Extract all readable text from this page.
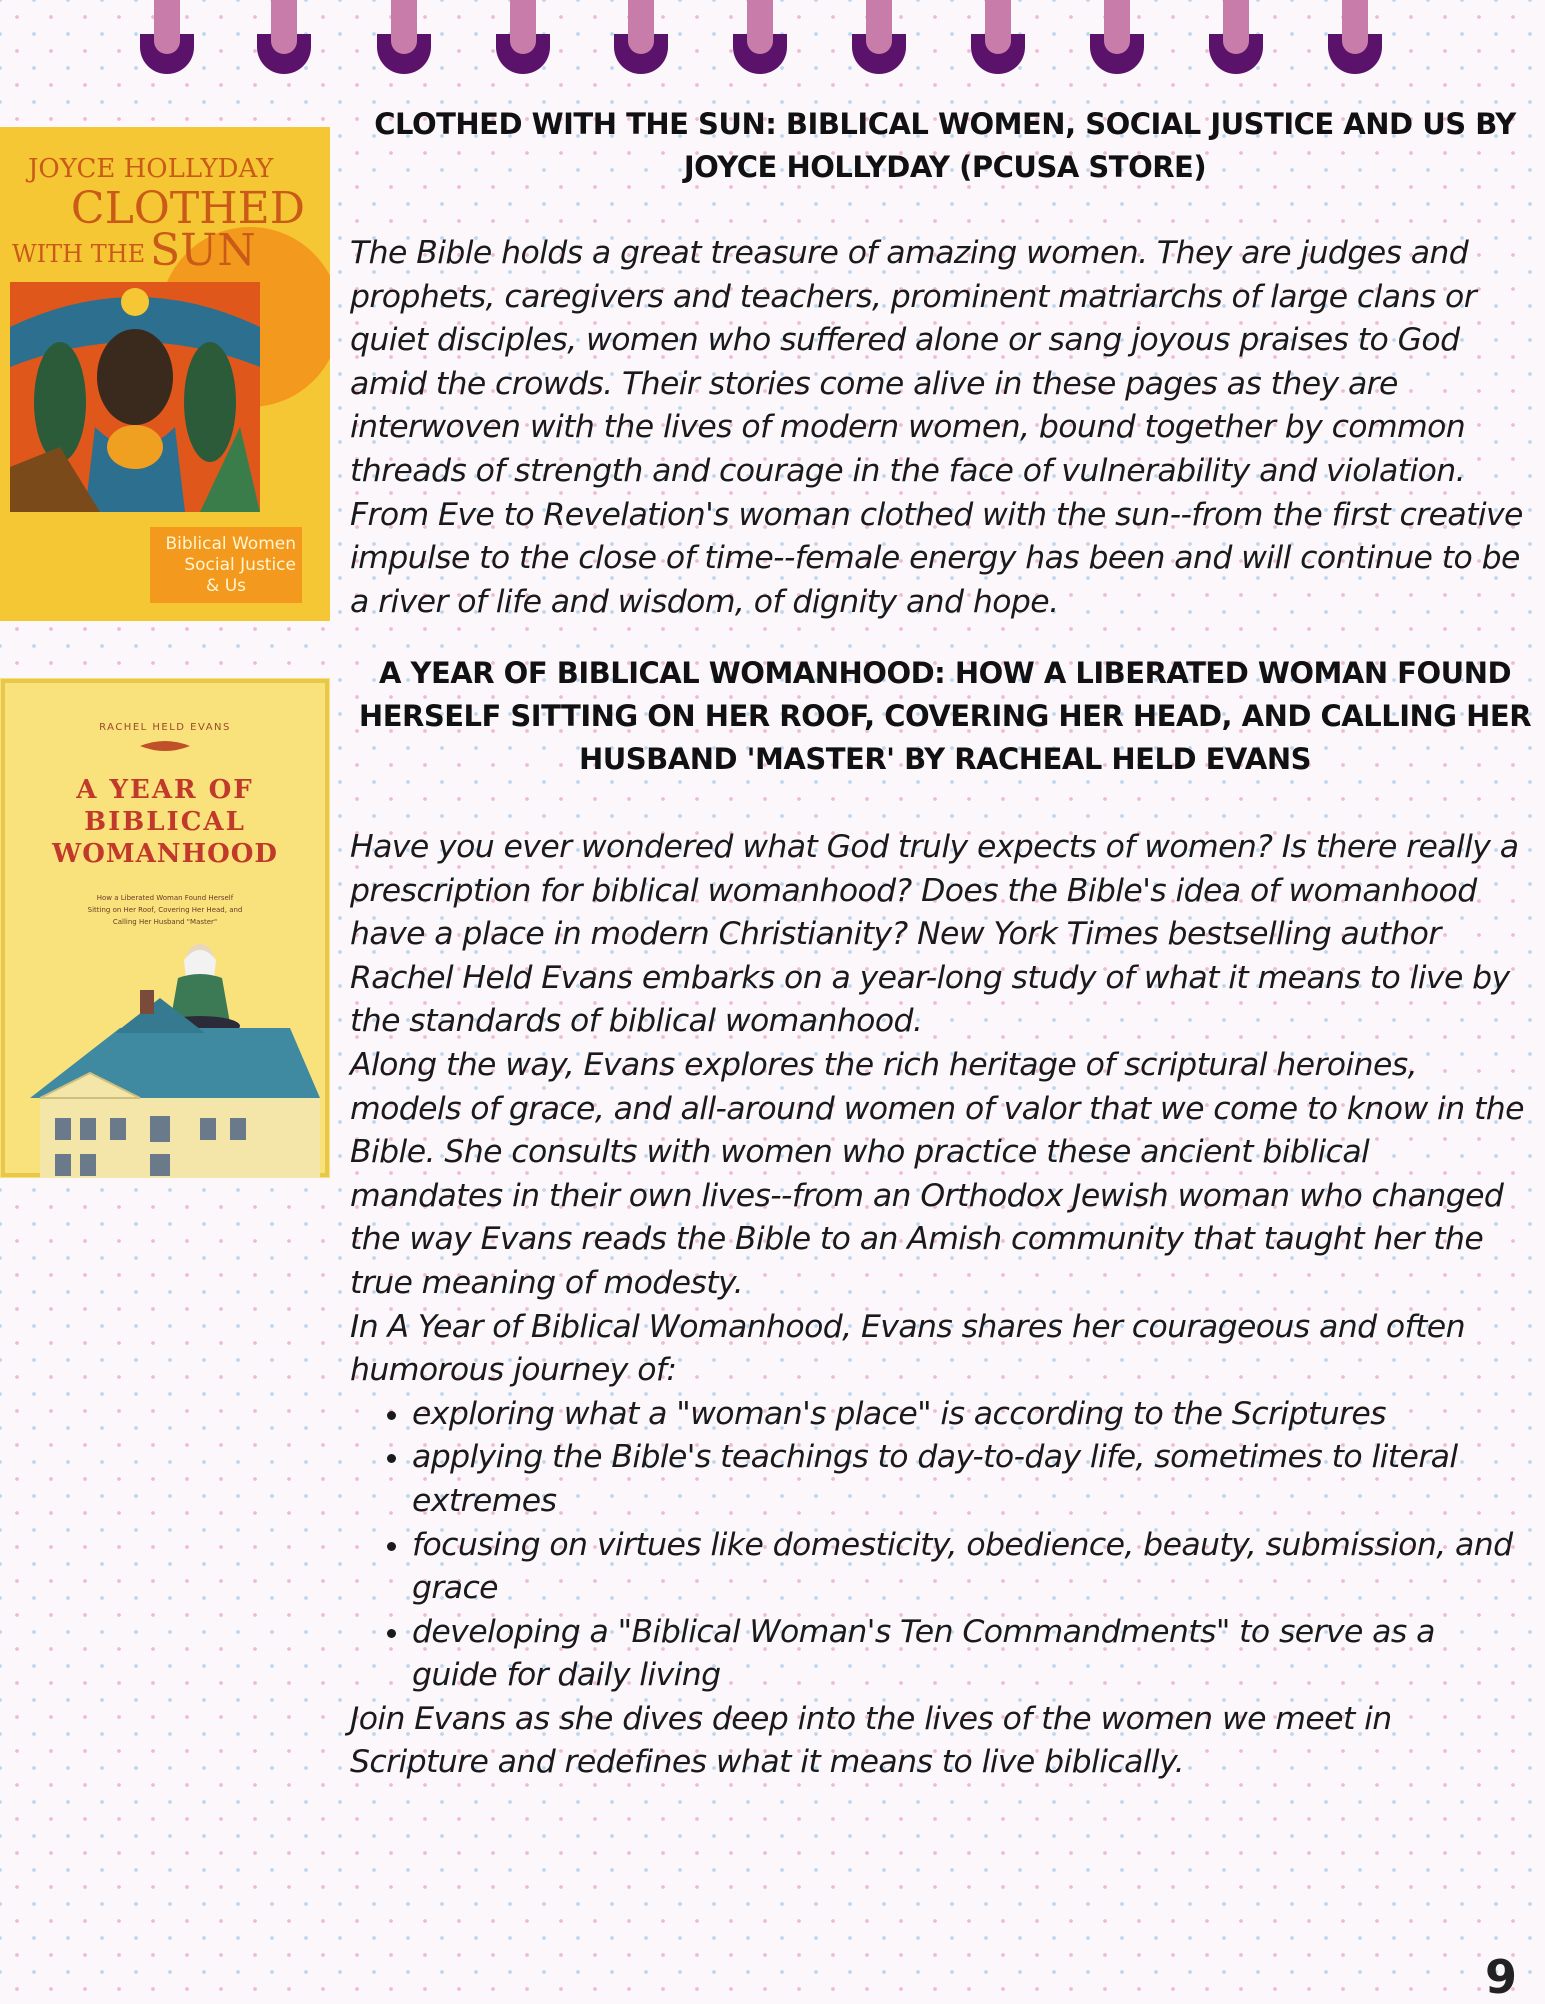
JOYCE HOLLYDAY
CLOTHED
WITH THE SUN
Biblical Women
Social Justice
& Us
RACHEL HELD EVANS
A YEAR OF
BIBLICAL
WOMANHOOD
How a Liberated Woman Found Herself
Sitting on Her Roof, Covering Her Head, and
Calling Her Husband "Master"
CLOTHED WITH THE SUN: BIBLICAL WOMEN, SOCIAL JUSTICE AND US BY JOYCE HOLLYDAY (PCUSA STORE)

The Bible holds a great treasure of amazing women. They are judges and prophets, caregivers and teachers, prominent matriarchs of large clans or quiet disciples, women who suffered alone or sang joyous praises to God amid the crowds. Their stories come alive in these pages as they are interwoven with the lives of modern women, bound together by common threads of strength and courage in the face of vulnerability and violation. From Eve to Revelation's woman clothed with the sun--from the first creative impulse to the close of time--female energy has been and will continue to be a river of life and wisdom, of dignity and hope.

A YEAR OF BIBLICAL WOMANHOOD: HOW A LIBERATED WOMAN FOUND HERSELF SITTING ON HER ROOF, COVERING HER HEAD, AND CALLING HER HUSBAND 'MASTER' BY RACHEAL HELD EVANS

Have you ever wondered what God truly expects of women? Is there really a prescription for biblical womanhood? Does the Bible's idea of womanhood have a place in modern Christianity? New York Times bestselling author Rachel Held Evans embarks on a year-long study of what it means to live by the standards of biblical womanhood.

Along the way, Evans explores the rich heritage of scriptural heroines, models of grace, and all-around women of valor that we come to know in the Bible. She consults with women who practice these ancient biblical mandates in their own lives--from an Orthodox Jewish woman who changed the way Evans reads the Bible to an Amish community that taught her the true meaning of modesty.

In A Year of Biblical Womanhood, Evans shares her courageous and often humorous journey of:

• exploring what a "woman's place" is according to the Scriptures
• applying the Bible's teachings to day-to-day life, sometimes to literal extremes
• focusing on virtues like domesticity, obedience, beauty, submission, and grace
• developing a "Biblical Woman's Ten Commandments" to serve as a guide for daily living

Join Evans as she dives deep into the lives of the women we meet in Scripture and redefines what it means to live biblically.

9
